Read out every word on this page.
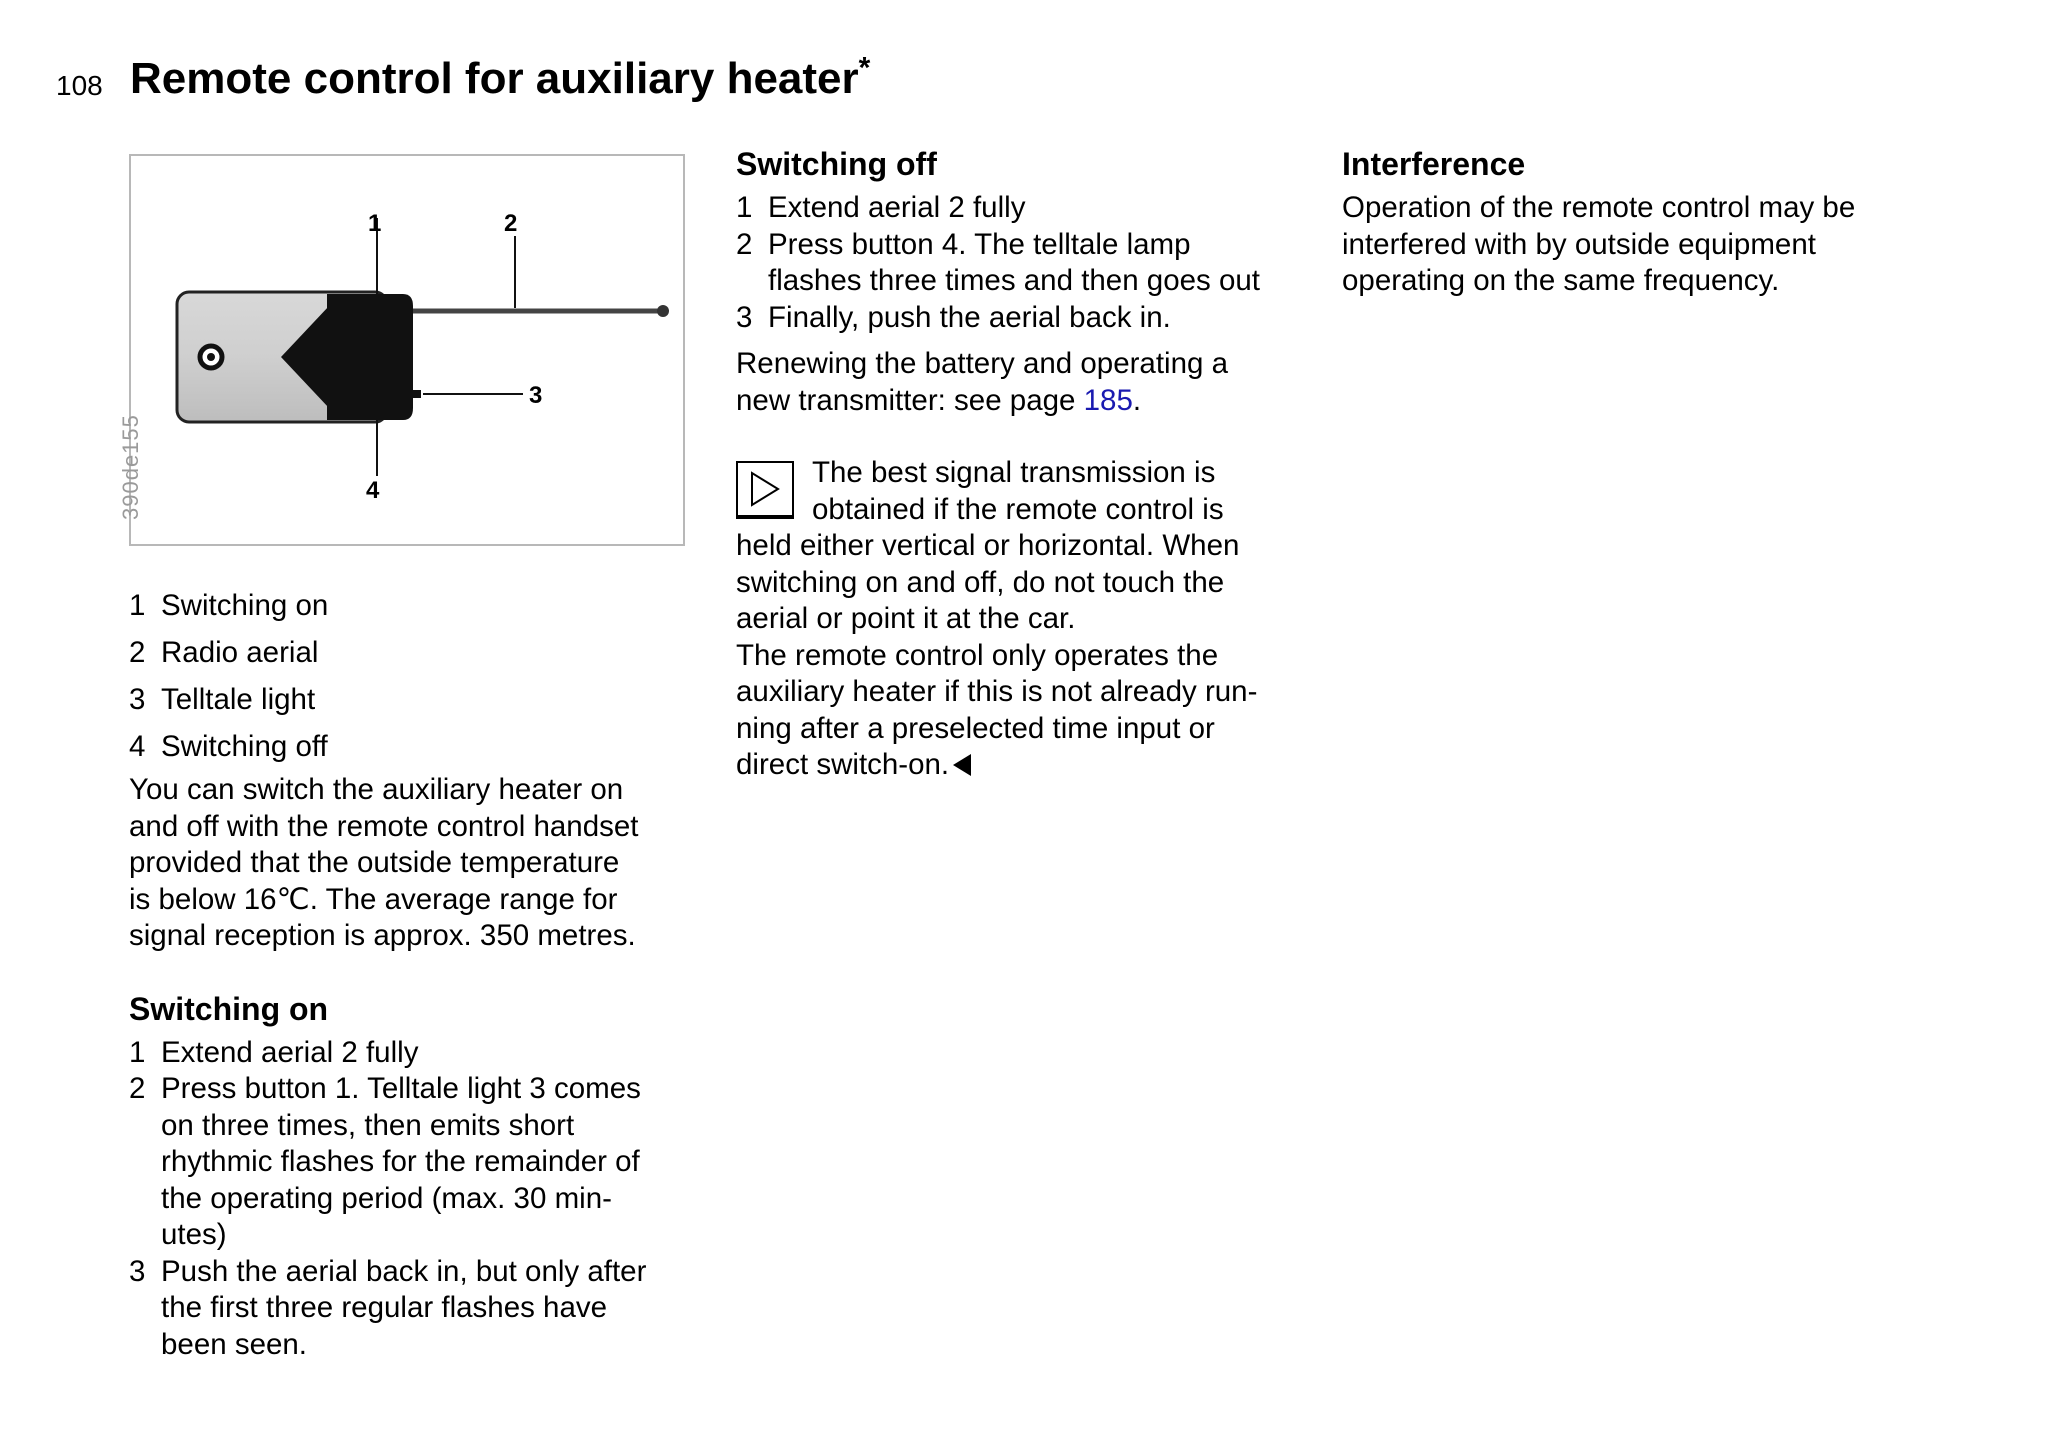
108 Remote control for auxiliary heater*
1	2
3
4
390de155
1 Switching on
2 Radio aerial
3 Telltale light
4 Switching off

You can switch the auxiliary heater on
and off with the remote control handset
provided that the outside temperature
is below 16℃. The average range for
signal reception is approx. 350 metres.

Switching on
1 Extend aerial 2 fully
2 Press button 1. Telltale light 3 comes
on three times, then emits short
rhythmic flashes for the remainder of
the operating period (max. 30 min-
utes)
3 Push the aerial back in, but only after
the first three regular flashes have
been seen.
Switching off
1 Extend aerial 2 fully
2 Press button 4. The telltale lamp
flashes three times and then goes out
3 Finally, push the aerial back in.

Renewing the battery and operating a
new transmitter: see page 185.

The best signal transmission is
obtained if the remote control is
held either vertical or horizontal. When
switching on and off, do not touch the
aerial or point it at the car.
The remote control only operates the
auxiliary heater if this is not already run-
ning after a preselected time input or
direct switch-on.
Interference

Operation of the remote control may be
interfered with by outside equipment
operating on the same frequency.
